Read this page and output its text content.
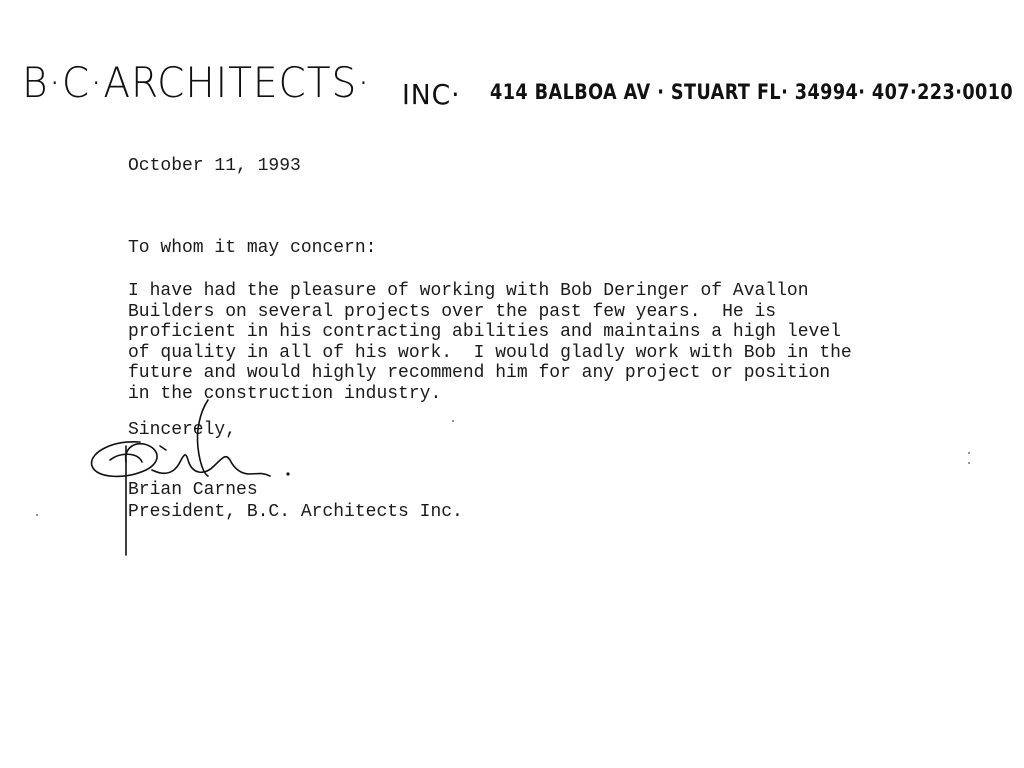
B·C·ARCHITECTS· INC· 414 BALBOA AV · STUART FL· 34994· 407·223·0010
October 11, 1993
To whom it may concern:
I have had the pleasure of working with Bob Deringer of Avallon
Builders on several projects over the past few years.  He is
proficient in his contracting abilities and maintains a high level
of quality in all of his work.  I would gladly work with Bob in the
future and would highly recommend him for any project or position
in the construction industry.
Sincerely,
Brian Carnes
President, B.C. Architects Inc.
